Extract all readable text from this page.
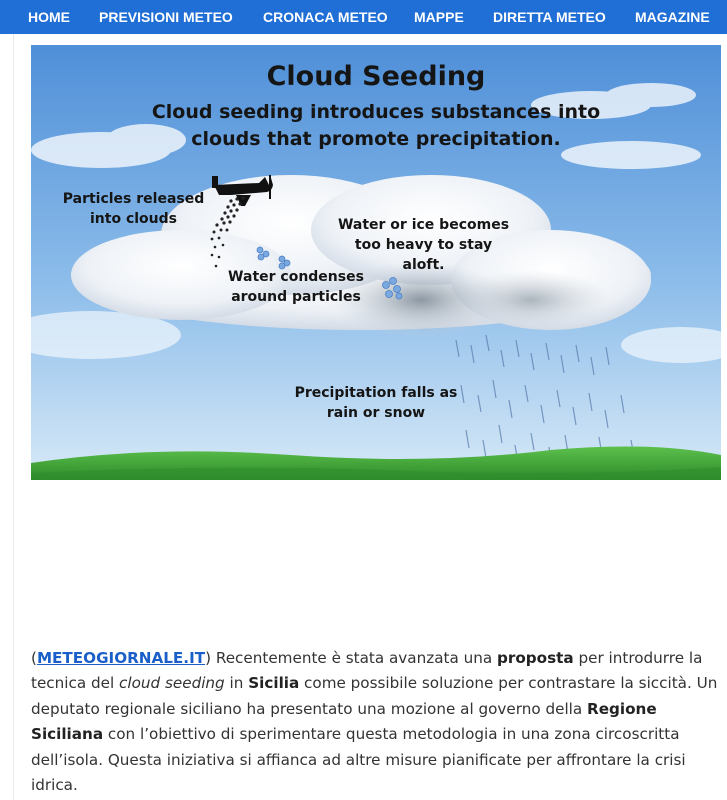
HOME PREVISIONI METEO CRONACA METEO MAPPE DIRETTA METEO MAGAZINE
Cloud Seeding
Cloud seeding introduces substances into clouds that promote precipitation.
Particles released into clouds	Water or ice becomes too heavy to stay aloft.
Water condenses around particles
Precipitation falls as rain or snow

(METEOGIORNALE.IT) Recentemente è stata avanzata una proposta per introdurre la tecnica del cloud seeding in Sicilia come possibile soluzione per contrastare la siccità. Un deputato regionale siciliano ha presentato una mozione al governo della Regione Siciliana con l’obiettivo di sperimentare questa metodologia in una zona circoscritta dell’isola. Questa iniziativa si affianca ad altre misure pianificate per affrontare la crisi idrica.
